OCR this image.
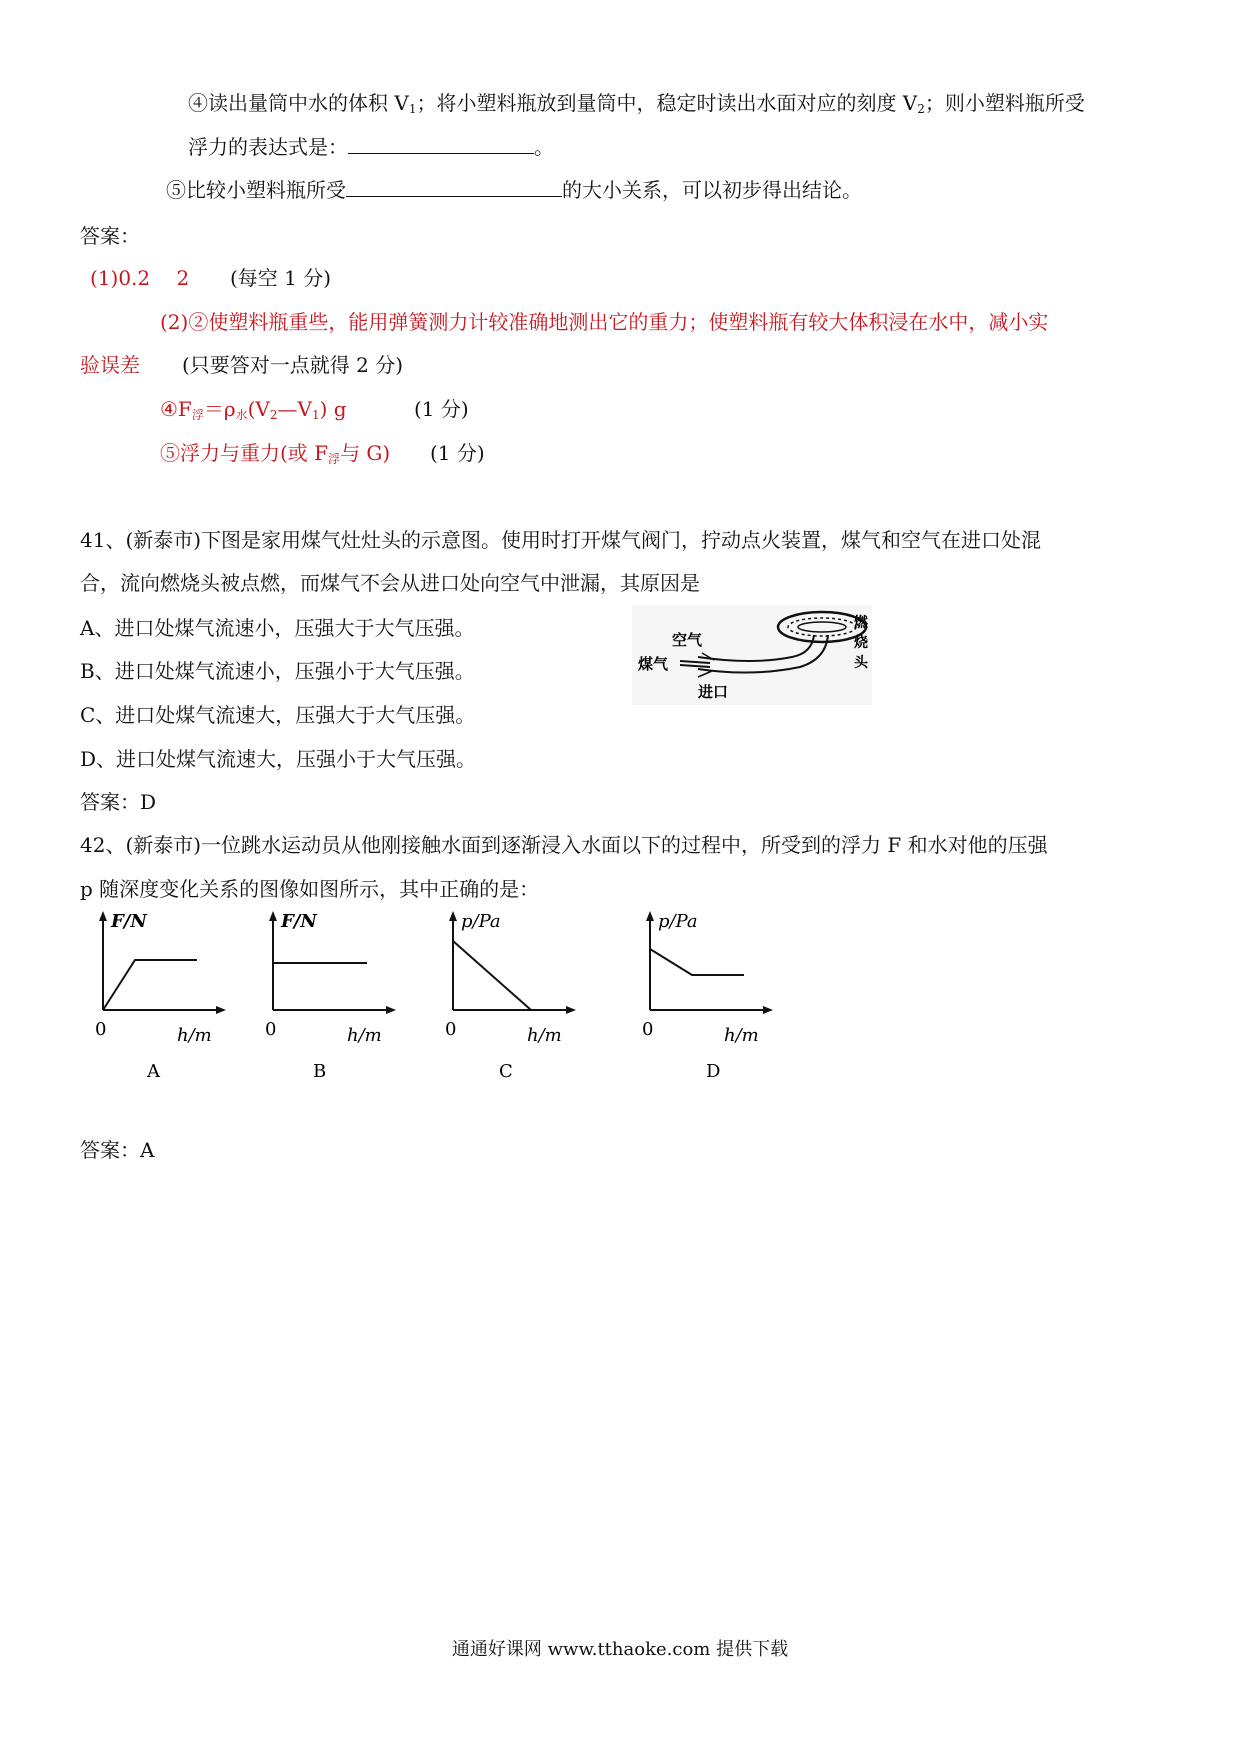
④读出量筒中水的体积 $V_1$；将小塑料瓶放到量筒中，稳定时读出水面对应的刻度 $V_2$；则小塑料瓶所受
浮力的表达式是：	。
⑤比较小塑料瓶所受	的大小关系，可以初步得出结论。
答案：
(1)0.2　 2 (每空 1 分)
(2)②使塑料瓶重些，能用弹簧测力计较准确地测出它的重力；使塑料瓶有较大体积浸在水中，减小实
验误差 (只要答对一点就得 2 分)
$④F_浮=\rho_水(V_2—V_1)$ g	(1 分)
⑤浮力与重力(或 $F_浮$与 G) (1 分)
41、(新泰市)下图是家用煤气灶灶头的示意图。使用时打开煤气阀门，拧动点火装置，煤气和空气在进口处混
合，流向燃烧头被点燃，而煤气不会从进口处向空气中泄漏，其原因是
A、进口处煤气流速小，压强大于大气压强。
B、进口处煤气流速小，压强小于大气压强。
C、进口处煤气流速大，压强大于大气压强。
D、进口处煤气流速大，压强小于大气压强。
答案：D
空气
煤气
进口
燃
烧
头
42、(新泰市)一位跳水运动员从他刚接触水面到逐渐浸入水面以下的过程中，所受到的浮力 F 和水对他的压强
p 随深度变化关系的图像如图所示，其中正确的是：
F/N
0	h/m
A
F/N
0	h/m
B
p/Pa
0	h/m
C
p/Pa
0	h/m
D
答案：A
通通好课网 www.tthaoke.com 提供下载
